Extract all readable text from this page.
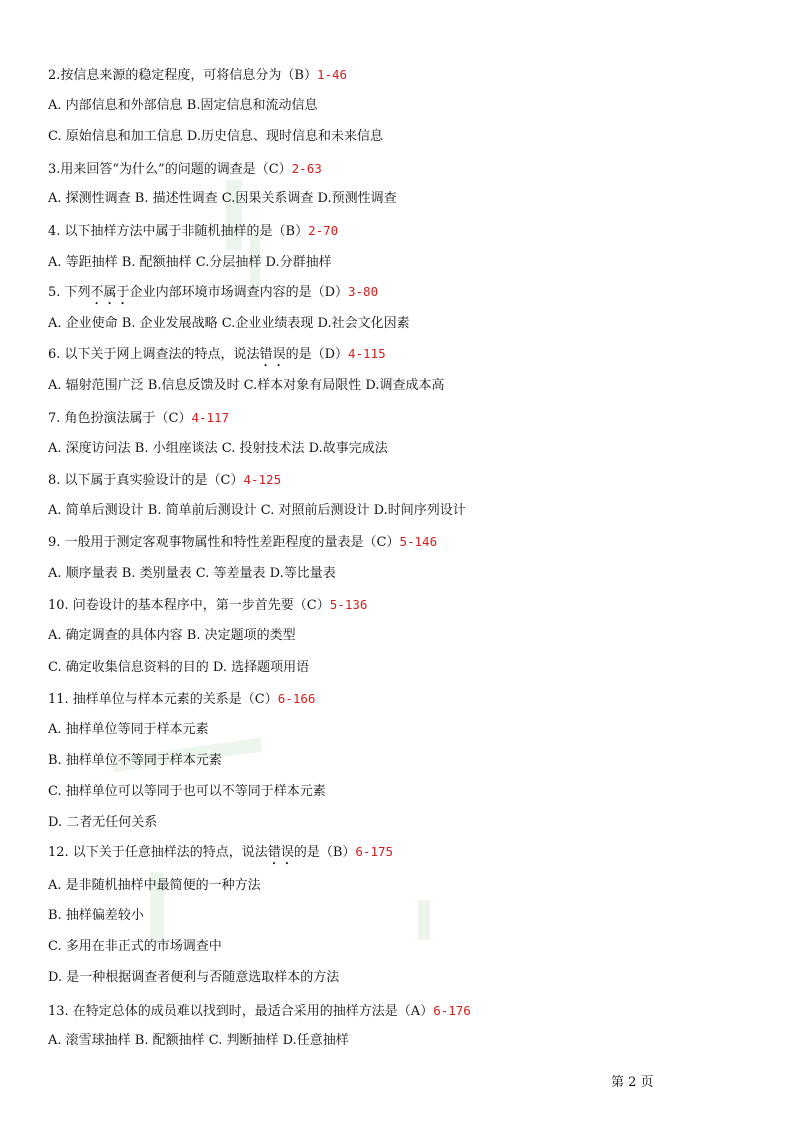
2.按信息来源的稳定程度，可将信息分为（B）1-46
A. 内部信息和外部信息 B.固定信息和流动信息
C. 原始信息和加工信息 D.历史信息、现时信息和未来信息
3.用来回答“为什么”的问题的调查是（C）2-63
A. 探测性调查 B. 描述性调查 C.因果关系调查 D.预测性调查
4. 以下抽样方法中属于非随机抽样的是（B）2-70
A. 等距抽样 B. 配额抽样 C.分层抽样 D.分群抽样
5. 下列不属于企业内部环境市场调查内容的是（D）3-80
A. 企业使命 B. 企业发展战略 C.企业业绩表现 D.社会文化因素
6. 以下关于网上调查法的特点，说法错误的是（D）4-115
A. 辐射范围广泛 B.信息反馈及时 C.样本对象有局限性 D.调查成本高
7. 角色扮演法属于（C）4-117
A. 深度访问法 B. 小组座谈法 C. 投射技术法 D.故事完成法
8. 以下属于真实验设计的是（C）4-125
A. 简单后测设计 B. 简单前后测设计 C. 对照前后测设计 D.时间序列设计
9. 一般用于测定客观事物属性和特性差距程度的量表是（C）5-146
A. 顺序量表 B. 类别量表 C. 等差量表 D.等比量表
10. 问卷设计的基本程序中，第一步首先要（C）5-136
A. 确定调查的具体内容 B. 决定题项的类型
C. 确定收集信息资料的目的 D. 选择题项用语
11. 抽样单位与样本元素的关系是（C）6-166
A. 抽样单位等同于样本元素
B. 抽样单位不等同于样本元素
C. 抽样单位可以等同于也可以不等同于样本元素
D. 二者无任何关系
12. 以下关于任意抽样法的特点，说法错误的是（B）6-175
A. 是非随机抽样中最简便的一种方法
B. 抽样偏差较小
C. 多用在非正式的市场调查中
D. 是一种根据调查者便利与否随意选取样本的方法
13. 在特定总体的成员难以找到时，最适合采用的抽样方法是（A）6-176
A. 滚雪球抽样 B. 配额抽样 C. 判断抽样 D.任意抽样
第 2 页
